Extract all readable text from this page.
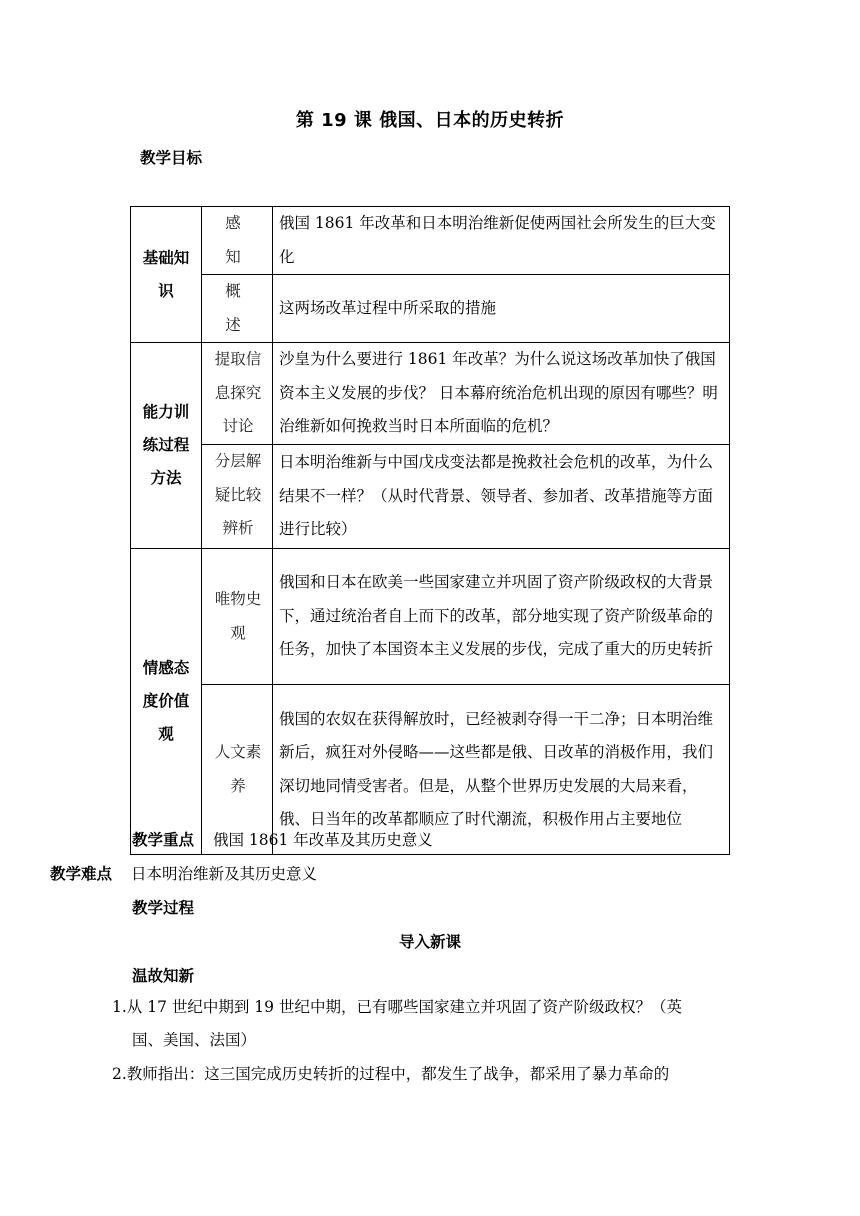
第 19 课 俄国、日本的历史转折
教学目标
基础知识	感 知	俄国 1861 年改革和日本明治维新促使两国社会所发生的巨大变化
	概 述	这两场改革过程中所采取的措施

能力训练过程方法	提取信息探究讨论	沙皇为什么要进行 1861 年改革？为什么说这场改革加快了俄国资本主义发展的步伐？ 日本幕府统治危机出现的原因有哪些？明治维新如何挽救当时日本所面临的危机？

	分层解疑比较辨析	日本明治维新与中国戊戌变法都是挽救社会危机的改革，为什么结果不一样？（从时代背景、领导者、参加者、改革措施等方面进行比较）

情感态度价值 观	唯物史观	俄国和日本在欧美一些国家建立并巩固了资产阶级政权的大背景下，通过统治者自上而下的改革，部分地实现了资产阶级革命的任务，加快了本国资本主义发展的步伐，完成了重大的历史转折

	人文素养	俄国的农奴在获得解放时，已经被剥夺得一干二净；日本明治维新后，疯狂对外侵略——这些都是俄、日改革的消极作用，我们深切地同情受害者。但是，从整个世界历史发展的大局来看，俄、日当年的改革都顺应了时代潮流，积极作用占主要地位
教学重点 俄国 1861 年改革及其历史意义
教学难点 日本明治维新及其历史意义
教学过程
导入新课
温故知新
1.从 17 世纪中期到 19 世纪中期，已有哪些国家建立并巩固了资产阶级政权？（英
国、美国、法国）
2.教师指出：这三国完成历史转折的过程中，都发生了战争，都采用了暴力革命的
